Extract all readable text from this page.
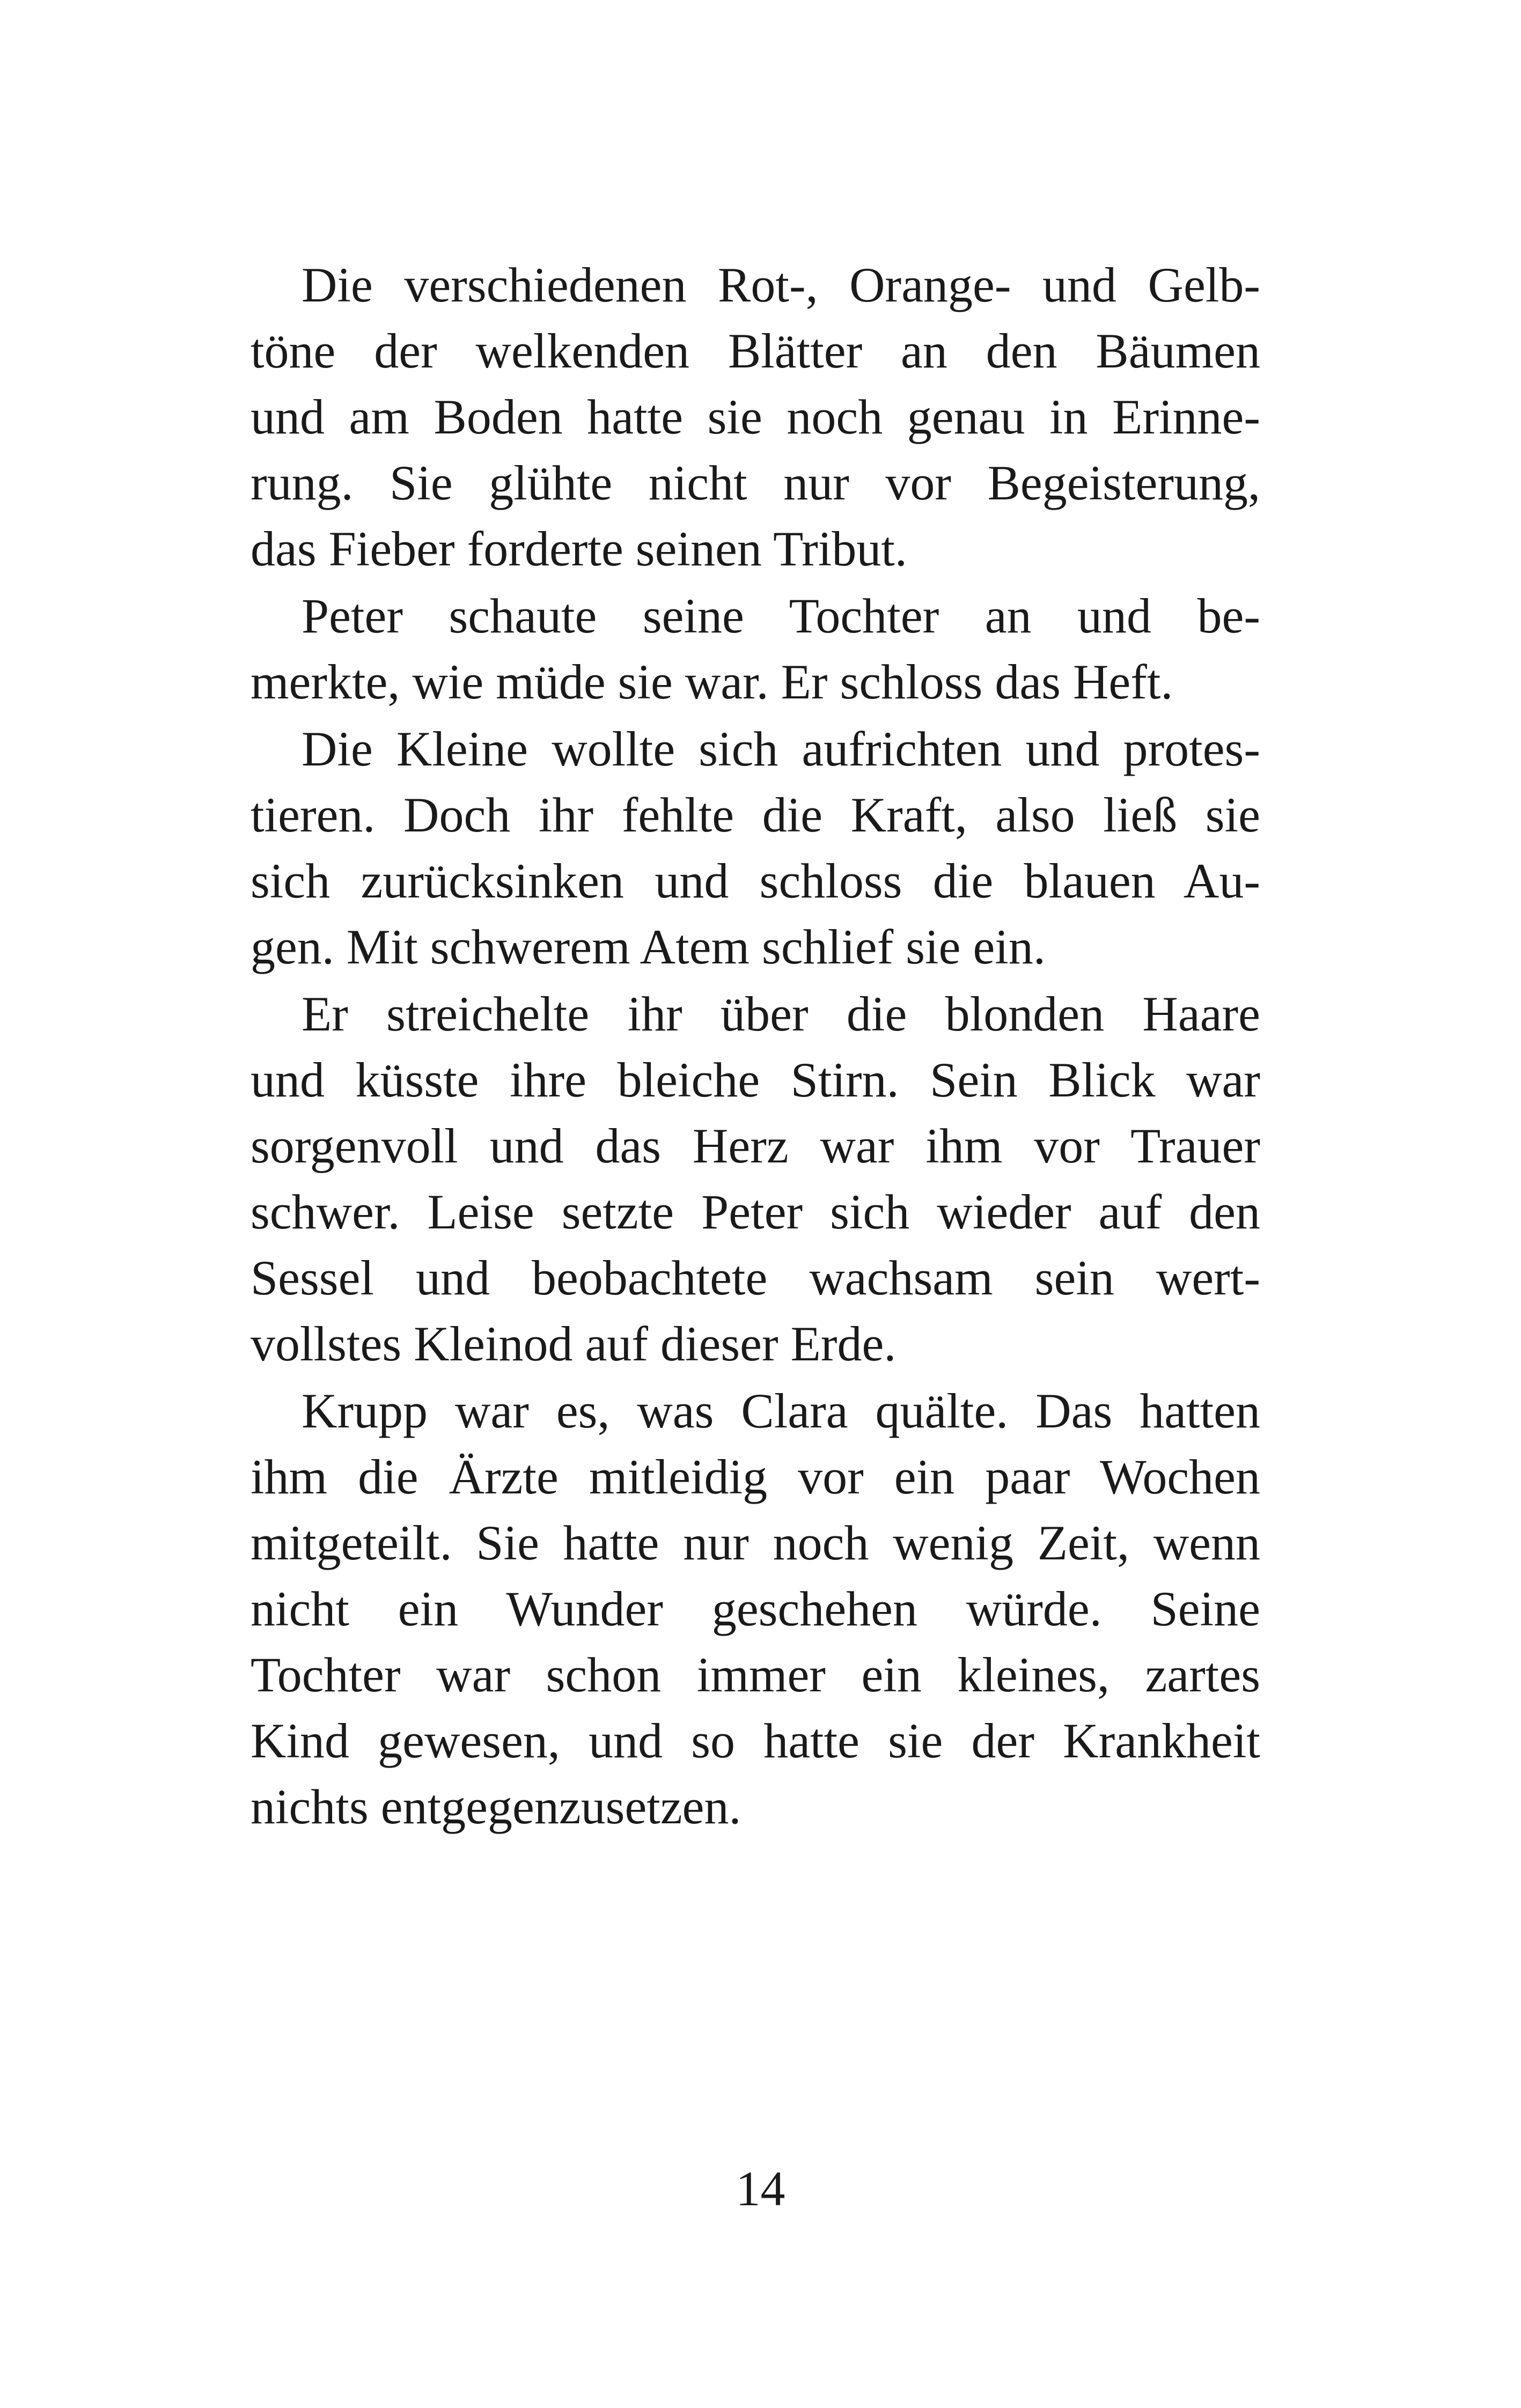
Die verschiedenen Rot-, Orange- und Gelb-
töne der welkenden Blätter an den Bäumen
und am Boden hatte sie noch genau in Erinne-
rung. Sie glühte nicht nur vor Begeisterung,
das Fieber forderte seinen Tribut.
Peter schaute seine Tochter an und be-
merkte, wie müde sie war. Er schloss das Heft.
Die Kleine wollte sich aufrichten und protes-
tieren. Doch ihr fehlte die Kraft, also ließ sie
sich zurücksinken und schloss die blauen Au-
gen. Mit schwerem Atem schlief sie ein.
Er streichelte ihr über die blonden Haare
und küsste ihre bleiche Stirn. Sein Blick war
sorgenvoll und das Herz war ihm vor Trauer
schwer. Leise setzte Peter sich wieder auf den
Sessel und beobachtete wachsam sein wert-
vollstes Kleinod auf dieser Erde.
Krupp war es, was Clara quälte. Das hatten
ihm die Ärzte mitleidig vor ein paar Wochen
mitgeteilt. Sie hatte nur noch wenig Zeit, wenn
nicht ein Wunder geschehen würde. Seine
Tochter war schon immer ein kleines, zartes
Kind gewesen, und so hatte sie der Krankheit
nichts entgegenzusetzen.
14
